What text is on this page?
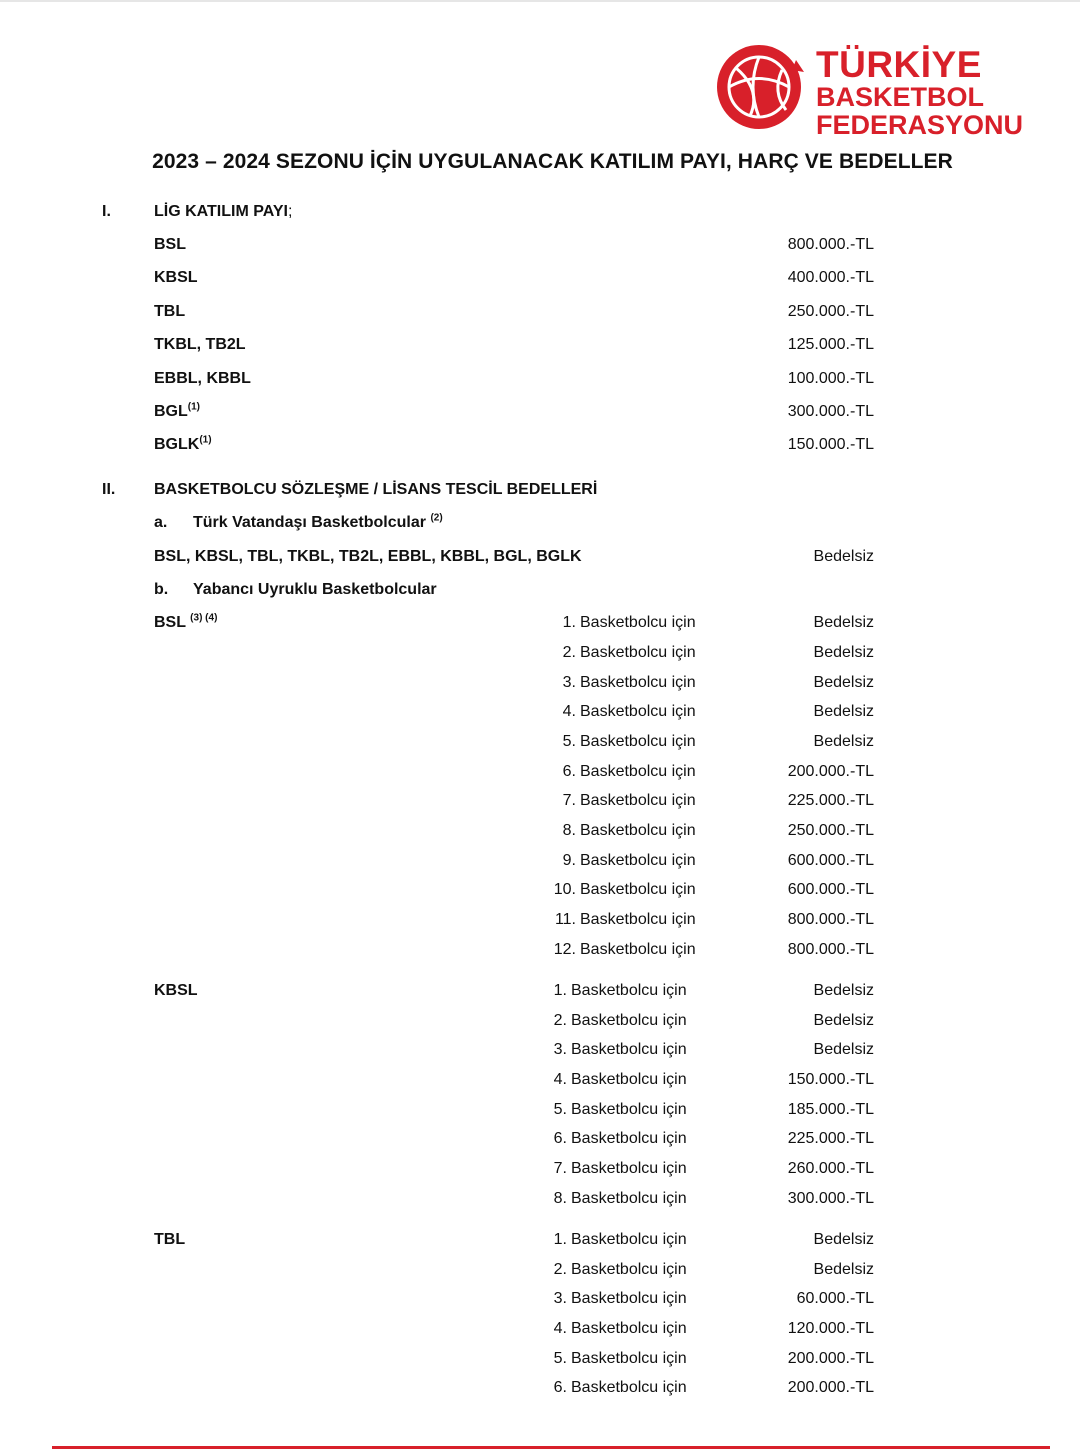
TÜRKİYE
BASKETBOL
FEDERASYONU
2023 – 2024 SEZONU İÇİN UYGULANACAK KATILIM PAYI, HARÇ VE BEDELLER
I.	LİG KATILIM PAYI;
BSL	800.000.-TL
KBSL	400.000.-TL
TBL	250.000.-TL
TKBL, TB2L	125.000.-TL
EBBL, KBBL	100.000.-TL
BGL$^{(1)}$	300.000.-TL
BGLK$^{(1)}$	150.000.-TL
II. BASKETBOLCU SÖZLEŞME / LİSANS TESCİL BEDELLERİ
a. Türk Vatandaşı Basketbolcular $^{(2)}$
BSL, KBSL, TBL, TKBL, TB2L, EBBL, KBBL, BGL, BGLK	Bedelsiz
b. Yabancı Uyruklu Basketbolcular
BSL $^{(3) (4)}$	1. Basketbolcu için	Bedelsiz
2. Basketbolcu için	Bedelsiz
3. Basketbolcu için	Bedelsiz
4. Basketbolcu için	Bedelsiz
5. Basketbolcu için	Bedelsiz
6. Basketbolcu için	200.000.-TL
7. Basketbolcu için	225.000.-TL
8. Basketbolcu için	250.000.-TL
9. Basketbolcu için	600.000.-TL
10. Basketbolcu için	600.000.-TL
11. Basketbolcu için	800.000.-TL
12. Basketbolcu için	800.000.-TL
KBSL	1. Basketbolcu için	Bedelsiz
2. Basketbolcu için	Bedelsiz
3. Basketbolcu için	Bedelsiz
4. Basketbolcu için	150.000.-TL
5. Basketbolcu için	185.000.-TL
6. Basketbolcu için	225.000.-TL
7. Basketbolcu için	260.000.-TL
8. Basketbolcu için	300.000.-TL
TBL	1. Basketbolcu için	Bedelsiz
2. Basketbolcu için	Bedelsiz
3. Basketbolcu için	60.000.-TL
4. Basketbolcu için	120.000.-TL
5. Basketbolcu için	200.000.-TL
6. Basketbolcu için	200.000.-TL
